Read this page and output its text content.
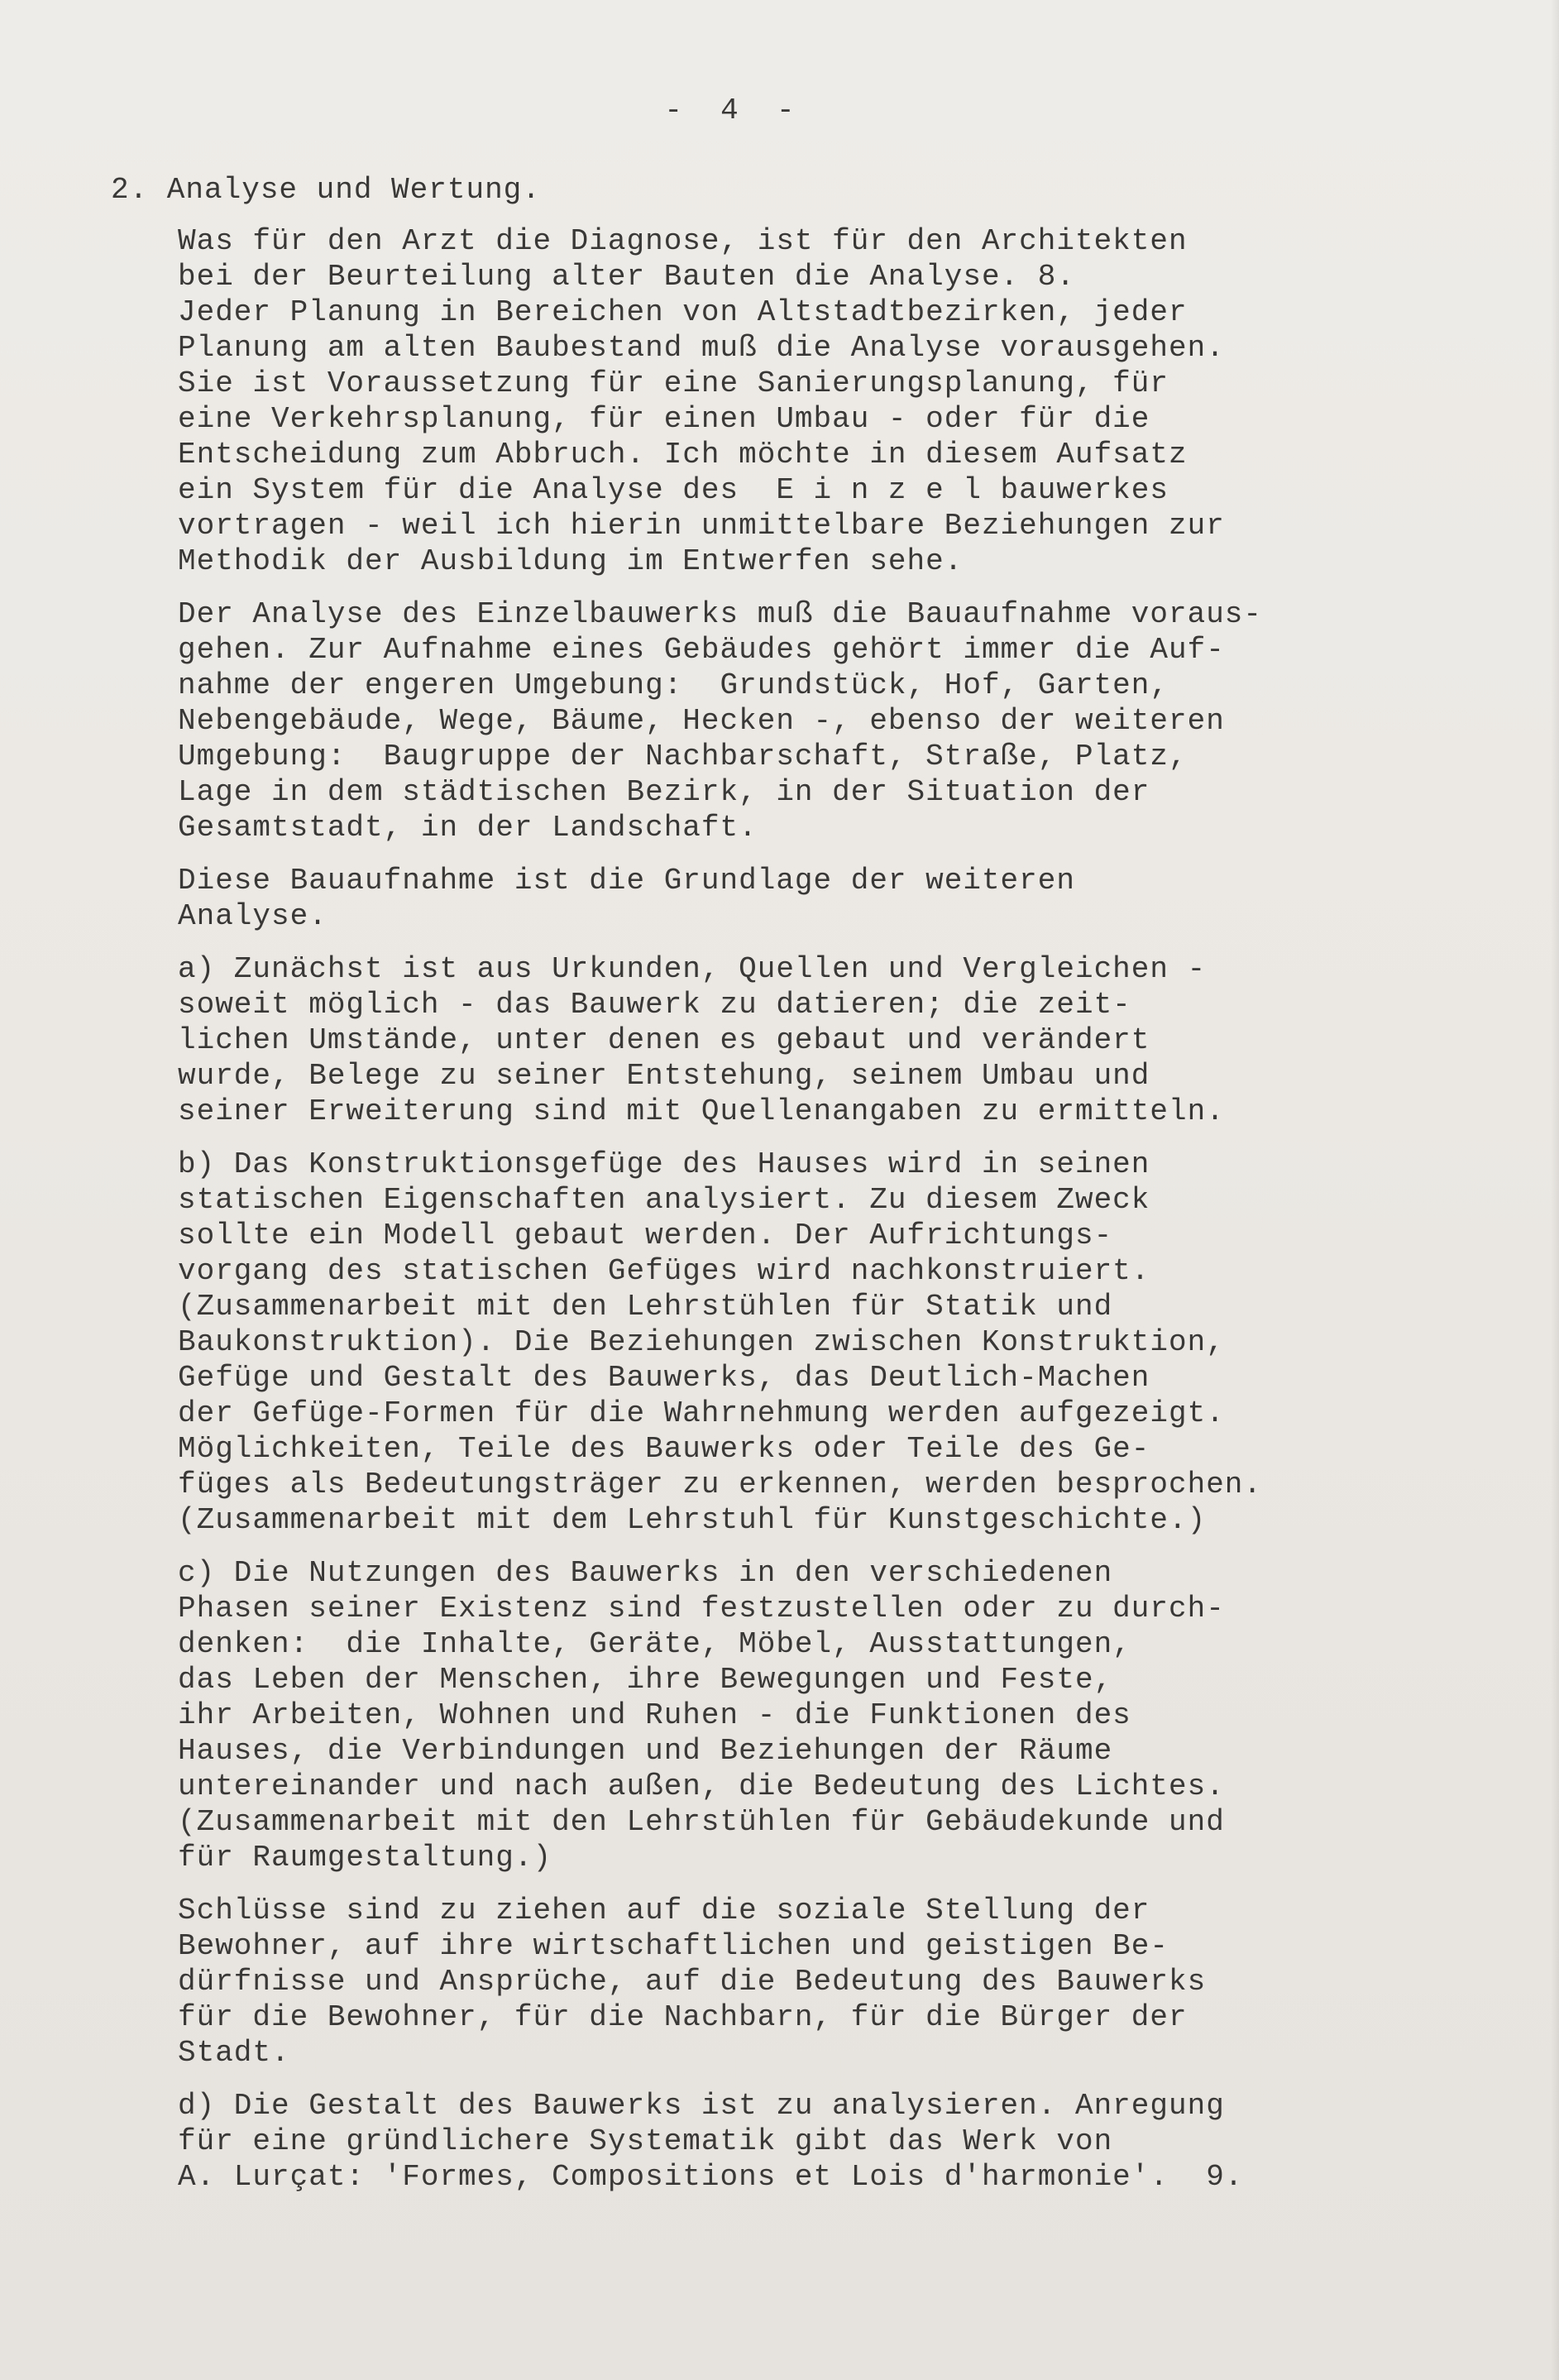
-  4  -
2. Analyse und Wertung.
Was für den Arzt die Diagnose, ist für den Architekten
bei der Beurteilung alter Bauten die Analyse. 8.
Jeder Planung in Bereichen von Altstadtbezirken, jeder
Planung am alten Baubestand muß die Analyse vorausgehen.
Sie ist Voraussetzung für eine Sanierungsplanung, für
eine Verkehrsplanung, für einen Umbau - oder für die
Entscheidung zum Abbruch. Ich möchte in diesem Aufsatz
ein System für die Analyse des  E i n z e l bauwerkes
vortragen - weil ich hierin unmittelbare Beziehungen zur
Methodik der Ausbildung im Entwerfen sehe.
Der Analyse des Einzelbauwerks muß die Bauaufnahme voraus-
gehen. Zur Aufnahme eines Gebäudes gehört immer die Auf-
nahme der engeren Umgebung:  Grundstück, Hof, Garten,
Nebengebäude, Wege, Bäume, Hecken -, ebenso der weiteren
Umgebung:  Baugruppe der Nachbarschaft, Straße, Platz,
Lage in dem städtischen Bezirk, in der Situation der
Gesamtstadt, in der Landschaft.
Diese Bauaufnahme ist die Grundlage der weiteren
Analyse.
a) Zunächst ist aus Urkunden, Quellen und Vergleichen -
soweit möglich - das Bauwerk zu datieren; die zeit-
lichen Umstände, unter denen es gebaut und verändert
wurde, Belege zu seiner Entstehung, seinem Umbau und
seiner Erweiterung sind mit Quellenangaben zu ermitteln.
b) Das Konstruktionsgefüge des Hauses wird in seinen
statischen Eigenschaften analysiert. Zu diesem Zweck
sollte ein Modell gebaut werden. Der Aufrichtungs-
vorgang des statischen Gefüges wird nachkonstruiert.
(Zusammenarbeit mit den Lehrstühlen für Statik und
Baukonstruktion). Die Beziehungen zwischen Konstruktion,
Gefüge und Gestalt des Bauwerks, das Deutlich-Machen
der Gefüge-Formen für die Wahrnehmung werden aufgezeigt.
Möglichkeiten, Teile des Bauwerks oder Teile des Ge-
füges als Bedeutungsträger zu erkennen, werden besprochen.
(Zusammenarbeit mit dem Lehrstuhl für Kunstgeschichte.)
c) Die Nutzungen des Bauwerks in den verschiedenen
Phasen seiner Existenz sind festzustellen oder zu durch-
denken:  die Inhalte, Geräte, Möbel, Ausstattungen,
das Leben der Menschen, ihre Bewegungen und Feste,
ihr Arbeiten, Wohnen und Ruhen - die Funktionen des
Hauses, die Verbindungen und Beziehungen der Räume
untereinander und nach außen, die Bedeutung des Lichtes.
(Zusammenarbeit mit den Lehrstühlen für Gebäudekunde und
für Raumgestaltung.)
Schlüsse sind zu ziehen auf die soziale Stellung der
Bewohner, auf ihre wirtschaftlichen und geistigen Be-
dürfnisse und Ansprüche, auf die Bedeutung des Bauwerks
für die Bewohner, für die Nachbarn, für die Bürger der
Stadt.
d) Die Gestalt des Bauwerks ist zu analysieren. Anregung
für eine gründlichere Systematik gibt das Werk von
A. Lurçat: 'Formes, Compositions et Lois d'harmonie'.  9.
